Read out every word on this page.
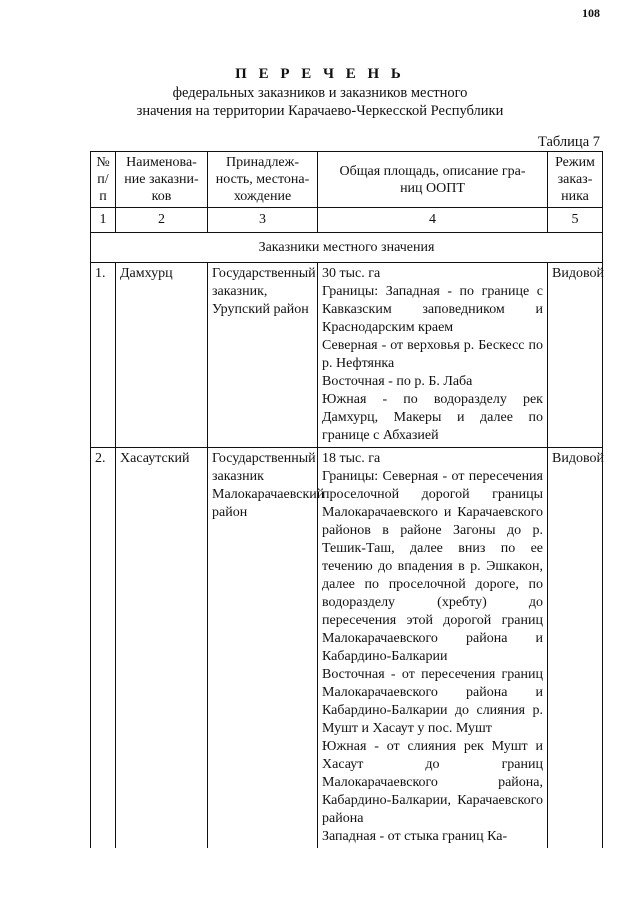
108
П Е Р Е Ч Е Н Ь
федеральных заказников и заказников местного
значения на территории Карачаево-Черкесской Республики
Таблица 7
№
п/
п	Наименова-
ние заказни-
ков	Принадлеж-
ность, местона-
хождение	Общая площадь, описание гра-
ниц ООПТ	Режим
заказ-
ника
1	2	3	4	5
Заказники местного значения				
1.	Дамхурц	Государственный заказник, Урупский район	30 тыс. га
Границы: Западная - по границе с Кавказским заповедником и Краснодарским краем
Северная - от верховья р. Бескесс по р. Нефтянка
Восточная - по р. Б. Лаба
Южная - по водоразделу рек Дамхурц, Макеры и далее по границе с Абхазией	Видовой
2.	Хасаутский	Государственный заказник Малокарачаевский район	18 тыс. га
Границы: Северная - от пересечения проселочной дорогой границы Малокарачаевского и Карачаевского районов в районе Загоны до р. Тешик-Таш, далее вниз по ее течению до впадения в р. Эшкакон, далее по проселочной дороге, по водоразделу (хребту) до пересечения этой дорогой границ Малокарачаевского района и Кабардино-Балкарии
Восточная - от пересечения границ Малокарачаевского района и Кабардино-Балкарии до слияния р. Мушт и Хасаут у пос. Мушт
Южная - от слияния рек Мушт и Хасаут до границ Малокарачаевского района, Кабардино-Балкарии, Карачаевского района
Западная - от стыка границ Ка-	Видовой
